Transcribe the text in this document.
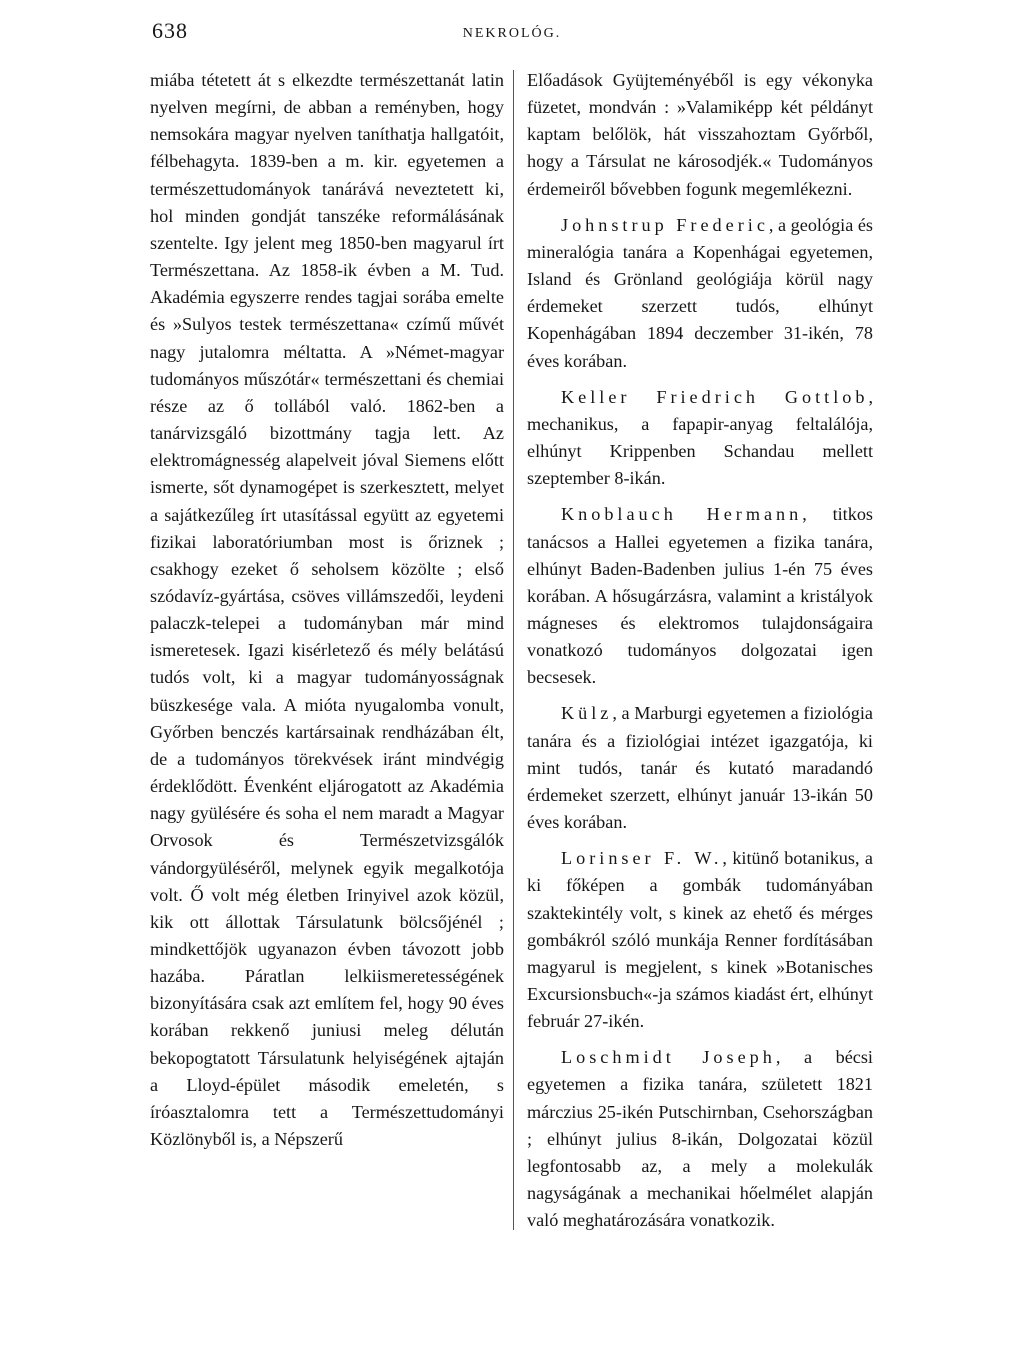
638	NEKROLÓG.

miába tétetett át s elkezdte természettanát latin nyelven megírni, de abban a reményben, hogy nemsokára magyar nyelven taníthatja hallgatóit, félbehagyta. 1839-ben a m. kir. egyetemen a természettudományok tanárává neveztetett ki, hol minden gondját tanszéke reformálásának szentelte. Igy jelent meg 1850-ben magyarul írt Természettana. Az 1858-ik évben a M. Tud. Akadémia egyszerre rendes tagjai sorába emelte és »Sulyos testek természettana« czímű művét nagy jutalomra méltatta. A »Német-magyar tudományos műszótár« természettani és chemiai része az ő tollából való. 1862-ben a tanárvizsgáló bizottmány tagja lett. Az elektromágnesség alapelveit jóval Siemens előtt ismerte, sőt dynamogépet is szerkesztett, melyet a sajátkezűleg írt utasítással együtt az egyetemi fizikai laboratóriumban most is őriznek ; csakhogy ezeket ő seholsem közölte ; első szódavíz-gyártása, csöves villámszedői, leydeni palaczk-telepei a tudományban már mind ismeretesek. Igazi kisérletező és mély belátású tudós volt, ki a magyar tudományosságnak büszkesége vala. A mióta nyugalomba vonult, Győrben benczés kartársainak rendházában élt, de a tudományos törekvések iránt mindvégig érdeklődött. Évenként eljárogatott az Akadémia nagy gyülésére és soha el nem maradt a Magyar Orvosok és Természetvizsgálók vándorgyüléséről, melynek egyik megalkotója volt. Ő volt még életben Irinyivel azok közül, kik ott állottak Társulatunk bölcsőjénél ; mindkettőjök ugyanazon évben távozott jobb hazába. Páratlan lelkiismeretességének bizonyítására csak azt említem fel, hogy 90 éves korában rekkenő juniusi meleg délután bekopogtatott Társulatunk helyiségének ajtaján a Lloyd-épület második emeletén, s íróasztalomra tett a Természettudományi Közlönyből is, a Népszerű

Előadások Gyüjteményéből is egy vékonyka füzetet, mondván : »Valamiképp két példányt kaptam belőlök, hát visszahoztam Győrből, hogy a Társulat ne károsodjék.« Tudományos érdemeiről bővebben fogunk megemlékezni.

Johnstrup Frederic, a geológia és mineralógia tanára a Kopenhágai egyetemen, Island és Grönland geológiája körül nagy érdemeket szerzett tudós, elhúnyt Kopenhágában 1894 deczember 31-ikén, 78 éves korában.

Keller Friedrich Gottlob, mechanikus, a fapapir-anyag feltalálója, elhúnyt Krippenben Schandau mellett szeptember 8-ikán.

Knoblauch Hermann, titkos tanácsos a Hallei egyetemen a fizika tanára, elhúnyt Baden-Badenben julius 1-én 75 éves korában. A hősugárzásra, valamint a kristályok mágneses és elektromos tulajdonságaira vonatkozó tudományos dolgozatai igen becsesek.

Külz, a Marburgi egyetemen a fiziológia tanára és a fiziológiai intézet igazgatója, ki mint tudós, tanár és kutató maradandó érdemeket szerzett, elhúnyt január 13-ikán 50 éves korában.

Lorinser F. W., kitünő botanikus, a ki főképen a gombák tudományában szaktekintély volt, s kinek az ehető és mérges gombákról szóló munkája Renner fordításában magyarul is megjelent, s kinek »Botanisches Excursionsbuch«-ja számos kiadást ért, elhúnyt február 27-ikén.

Loschmidt Joseph, a bécsi egyetemen a fizika tanára, született 1821 márczius 25-ikén Putschirnban, Csehországban ; elhúnyt julius 8-ikán, Dolgozatai közül legfontosabb az, a mely a molekulák nagyságának a mechanikai hőelmélet alapján való meghatározására vonatkozik.
